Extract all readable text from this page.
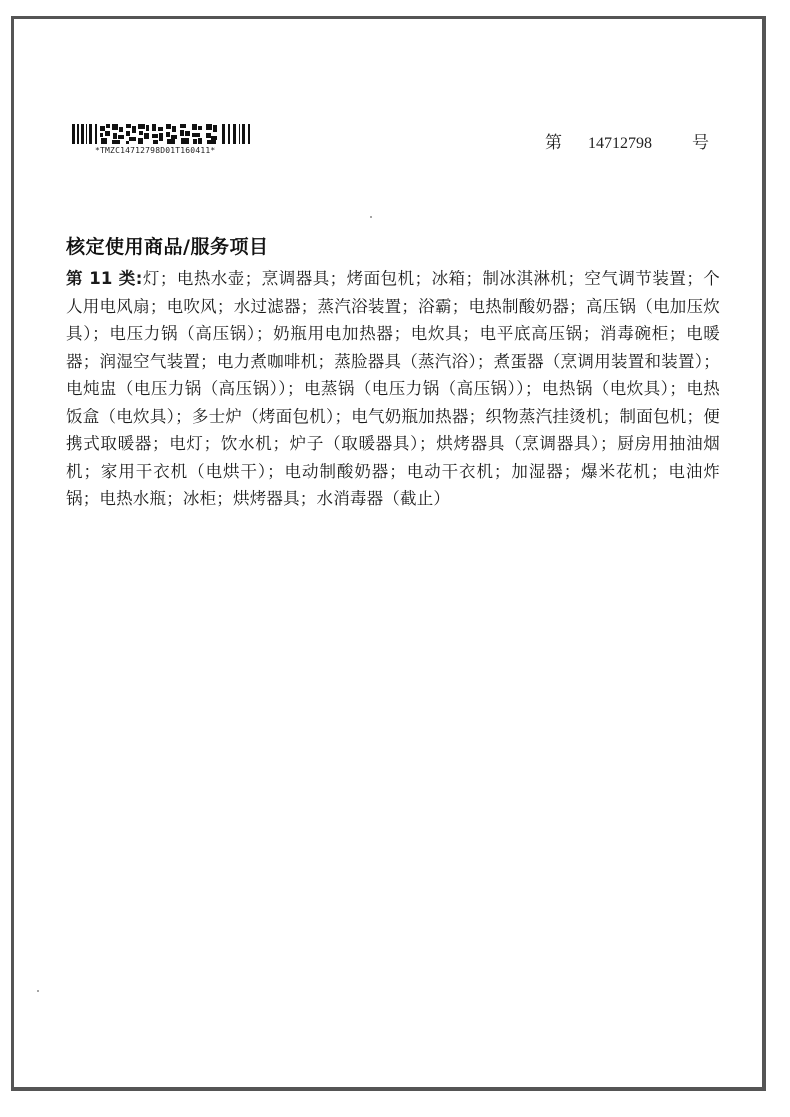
*TMZC14712798D01T160411*	第 14712798 号
核定使用商品/服务项目
第 11 类:灯；电热水壶；烹调器具；烤面包机；冰箱；制冰淇淋机；空气调节装置；个人用电风扇；电吹风；水过滤器；蒸汽浴装置；浴霸；电热制酸奶器；高压锅（电加压炊具）；电压力锅（高压锅）；奶瓶用电加热器；电炊具；电平底高压锅；消毒碗柜；电暖器；润湿空气装置；电力煮咖啡机；蒸脸器具（蒸汽浴）；煮蛋器（烹调用装置和装置）；电炖盅（电压力锅（高压锅））；电蒸锅（电压力锅（高压锅））；电热锅（电炊具）；电热饭盒（电炊具）；多士炉（烤面包机）；电气奶瓶加热器；织物蒸汽挂烫机；制面包机；便携式取暖器；电灯；饮水机；炉子（取暖器具）；烘烤器具（烹调器具）；厨房用抽油烟机；家用干衣机（电烘干）；电动制酸奶器；电动干衣机；加湿器；爆米花机；电油炸锅；电热水瓶；冰柜；烘烤器具；水消毒器（截止）
